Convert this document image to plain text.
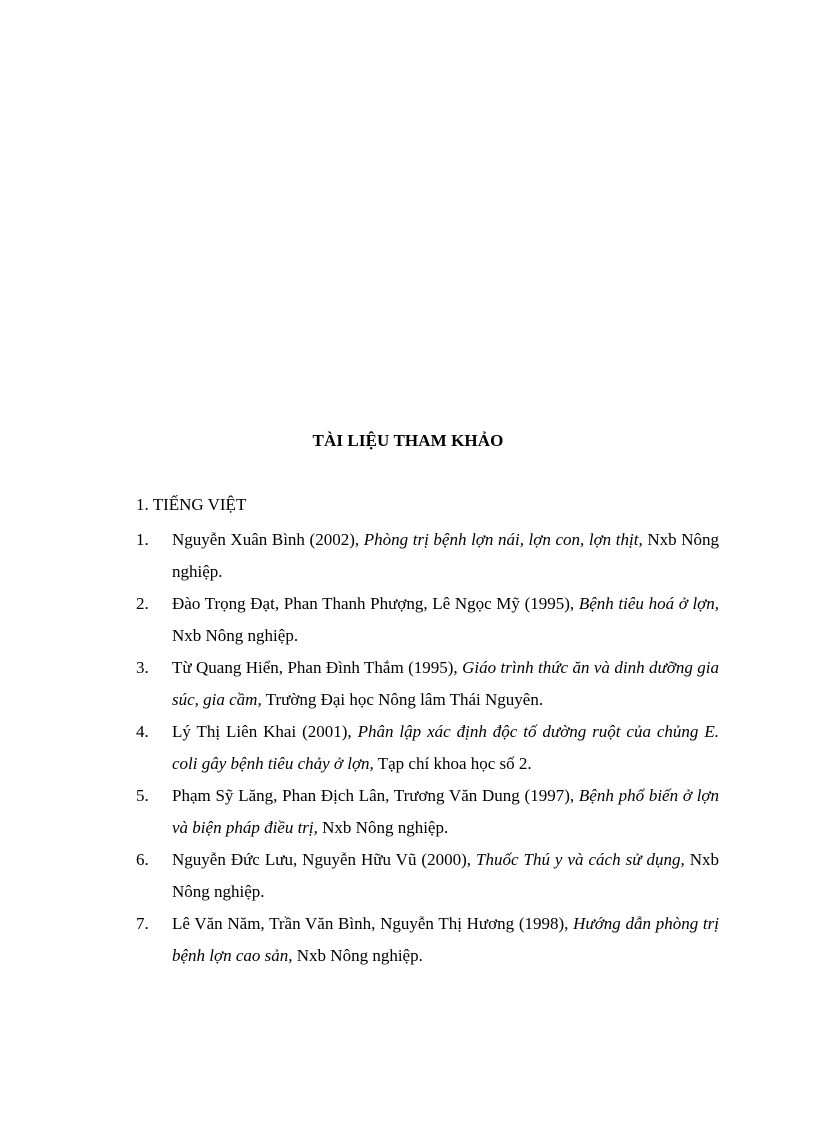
TÀI LIỆU THAM KHẢO
1. TIẾNG VIỆT
1. Nguyễn Xuân Bình (2002), Phòng trị bệnh lợn nái, lợn con, lợn thịt, Nxb Nông nghiệp.
2. Đào Trọng Đạt, Phan Thanh Phượng, Lê Ngọc Mỹ (1995), Bệnh tiêu hoá ở lợn, Nxb Nông nghiệp.
3. Từ Quang Hiển, Phan Đình Thắm (1995), Giáo trình thức ăn và dinh dưỡng gia súc, gia cầm, Trường Đại học Nông lâm Thái Nguyên.
4. Lý Thị Liên Khai (2001), Phân lập xác định độc tố dường ruột của chủng E. coli gây bệnh tiêu chảy ở lợn, Tạp chí khoa học số 2.
5. Phạm Sỹ Lăng, Phan Địch Lân, Trương Văn Dung (1997), Bệnh phổ biến ở lợn và biện pháp điều trị, Nxb Nông nghiệp.
6. Nguyễn Đức Lưu, Nguyễn Hữu Vũ (2000), Thuốc Thú y và cách sử dụng, Nxb Nông nghiệp.
7. Lê Văn Năm, Trần Văn Bình, Nguyễn Thị Hương (1998), Hướng dẫn phòng trị bệnh lợn cao sản, Nxb Nông nghiệp.
